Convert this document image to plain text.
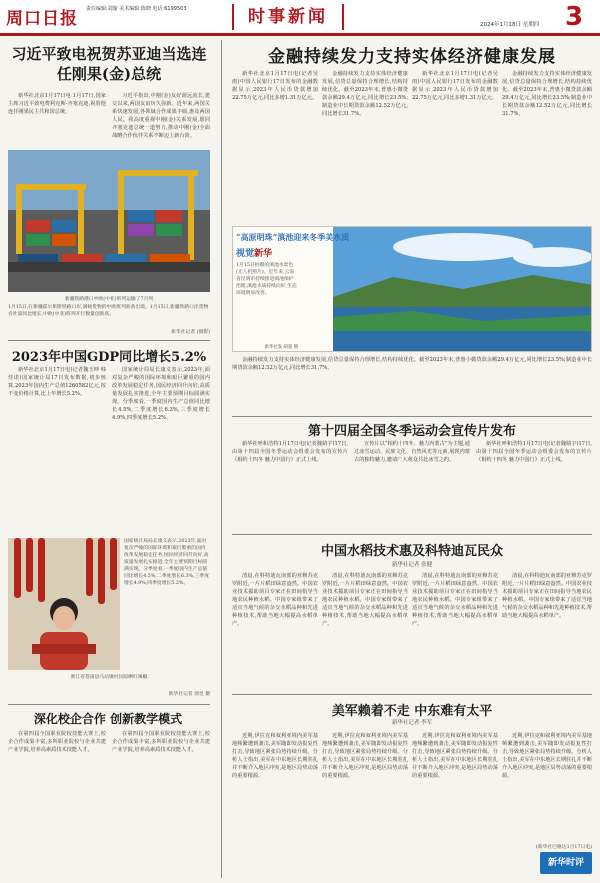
周口日报 责任编辑:刘璇 美术编辑:陈晓 电话:6199503	时事新闻	2024年1月18日 星期四 3
习近平致电祝贺苏亚迪当选连任刚果(金)总统
新华社北京1月17日电 1月17日,国家主席习近平致电费利克斯·齐塞克迪,祝贺他连任刚果民主共和国总统。
习近平指出,中刚(金)友好源远流长,建交以来,两国友谊历久弥新。近年来,两国关系快速发展,各领域合作成果丰硕,惠及两国人民。我高度重视中刚(金)关系发展,愿同齐塞克迪总统一道努力,推动中刚(金)全面战略合作伙伴关系不断迈上新台阶。
新疆铁路港口中欧(中亚)班列运输了7月列
1月15日,在新疆霍尔果斯铁路口岸,满载货物的中欧班列准备出境。1月15日,新疆铁路口岸货物吞吐量同比增长,中欧(中亚)班列开行数量创新高。
新华社记者 (摄影)
2023年中国GDP同比增长5.2%
新华社北京1月17日电(记者魏玉坤 韩佳诺)国家统计局17日发布数据,初步核算,2023年国内生产总值1260582亿元,按不变价格计算,比上年增长5.2%。
国家统计局局长康义表示,2023年,面对复杂严峻的国际环境和艰巨繁重的国内改革发展稳定任务,国民经济回升向好,高质量发展扎实推进,全年主要预期目标圆满实现。分季度看,一季度国内生产总值同比增长4.5%,二季度增长6.3%,三季度增长4.9%,四季度增长5.2%。
国家统计局局长康义表示,2023年,面对复杂严峻的国际环境和艰巨繁重的国内改革发展稳定任务,国民经济回升向好,高质量发展扎实推进,全年主要预期目标圆满实现。分季度看,一季度国内生产总值同比增长4.5%,二季度增长6.3%,三季度增长4.9%,四季度增长5.2%。
浙江省苍南县马站镇村民晾晒红辣椒
新华社记者 徐昱 摄
深化校企合作 创新教学模式
在第四届全国职业院校技能大赛上,校企合作成果丰富,多所职业院校与企业共建产业学院,培养高素质技术技能人才。
在第四届全国职业院校技能大赛上,校企合作成果丰富,多所职业院校与企业共建产业学院,培养高素质技术技能人才。
金融持续发力支持实体经济健康发展
新华社北京1月17日电(记者吴雨)中国人民银行17日发布的金融数据显示,2023年人民币贷款增加22.75万亿元,同比多增1.31万亿元。
金融持续发力支持实体经济健康发展,信贷总量保持合理增长,结构持续优化。截至2023年末,普惠小微贷款余额29.4万亿元,同比增长23.5%;制造业中长期贷款余额12.52万亿元,同比增长31.7%。
新华社北京1月17日电(记者吴雨)中国人民银行17日发布的金融数据显示,2023年人民币贷款增加22.75万亿元,同比多增1.31万亿元。
金融持续发力支持实体经济健康发展,信贷总量保持合理增长,结构持续优化。截至2023年末,普惠小微贷款余额29.4万亿元,同比增长23.5%;制造业中长期贷款余额12.52万亿元,同比增长31.7%。
“高原明珠”滇池迎来冬季美水质
视觉新华
1月15日拍摄的滇池水景色(无人机照片)。近年来,云南省昆明市持续推进滇池保护治理,滇池水质持续向好,生态环境明显改善。
新华社发 胡超 摄
金融持续发力支持实体经济健康发展,信贷总量保持合理增长,结构持续优化。截至2023年末,普惠小微贷款余额29.4万亿元,同比增长23.5%;制造业中长期贷款余额12.52万亿元,同比增长31.7%。
第十四届全国冬季运动会宣传片发布
新华社呼和浩特1月17日电(记者魏婧宇)17日,由第十四届全国冬季运动会组委会发布的宣传片《相约十四冬 魅力中国行》正式上线。
宣传片以“相约十四冬、魅力内蒙古”为主题,通过冰雪运动、民族文化、自然风光等元素,展现内蒙古的独特魅力,邀请广大观众共赴冰雪之约。
新华社呼和浩特1月17日电(记者魏婧宇)17日,由第十四届全国冬季运动会组委会发布的宣传片《相约十四冬 魅力中国行》正式上线。
中国水稻技术惠及科特迪瓦民众
新华社记者 张健
清晨,在科特迪瓦南部的亚穆苏克罗附近,一片片稻田绿意盎然。中国农业技术援助项目专家正在田间指导当地农民种植水稻。中国专家组带来了适宜当地气候的杂交水稻品种和先进种植技术,帮助当地大幅提高水稻单产。
清晨,在科特迪瓦南部的亚穆苏克罗附近,一片片稻田绿意盎然。中国农业技术援助项目专家正在田间指导当地农民种植水稻。中国专家组带来了适宜当地气候的杂交水稻品种和先进种植技术,帮助当地大幅提高水稻单产。
清晨,在科特迪瓦南部的亚穆苏克罗附近,一片片稻田绿意盎然。中国农业技术援助项目专家正在田间指导当地农民种植水稻。中国专家组带来了适宜当地气候的杂交水稻品种和先进种植技术,帮助当地大幅提高水稻单产。
清晨,在科特迪瓦南部的亚穆苏克罗附近,一片片稻田绿意盎然。中国农业技术援助项目专家正在田间指导当地农民种植水稻。中国专家组带来了适宜当地气候的杂交水稻品种和先进种植技术,帮助当地大幅提高水稻单产。
美军赖着不走 中东难有太平
新华社记者 李军
近期,伊拉克和叙利亚境内美军基地频繁遭到袭击,美军随即发动报复性打击,导致地区紧张局势持续升级。分析人士指出,美军在中东地区长期驻扎并不断介入地区冲突,是地区局势动荡的重要根源。
近期,伊拉克和叙利亚境内美军基地频繁遭到袭击,美军随即发动报复性打击,导致地区紧张局势持续升级。分析人士指出,美军在中东地区长期驻扎并不断介入地区冲突,是地区局势动荡的重要根源。
近期,伊拉克和叙利亚境内美军基地频繁遭到袭击,美军随即发动报复性打击,导致地区紧张局势持续升级。分析人士指出,美军在中东地区长期驻扎并不断介入地区冲突,是地区局势动荡的重要根源。
近期,伊拉克和叙利亚境内美军基地频繁遭到袭击,美军随即发动报复性打击,导致地区紧张局势持续升级。分析人士指出,美军在中东地区长期驻扎并不断介入地区冲突,是地区局势动荡的重要根源。
(新华社巴格达1月17日电)
新华时评
